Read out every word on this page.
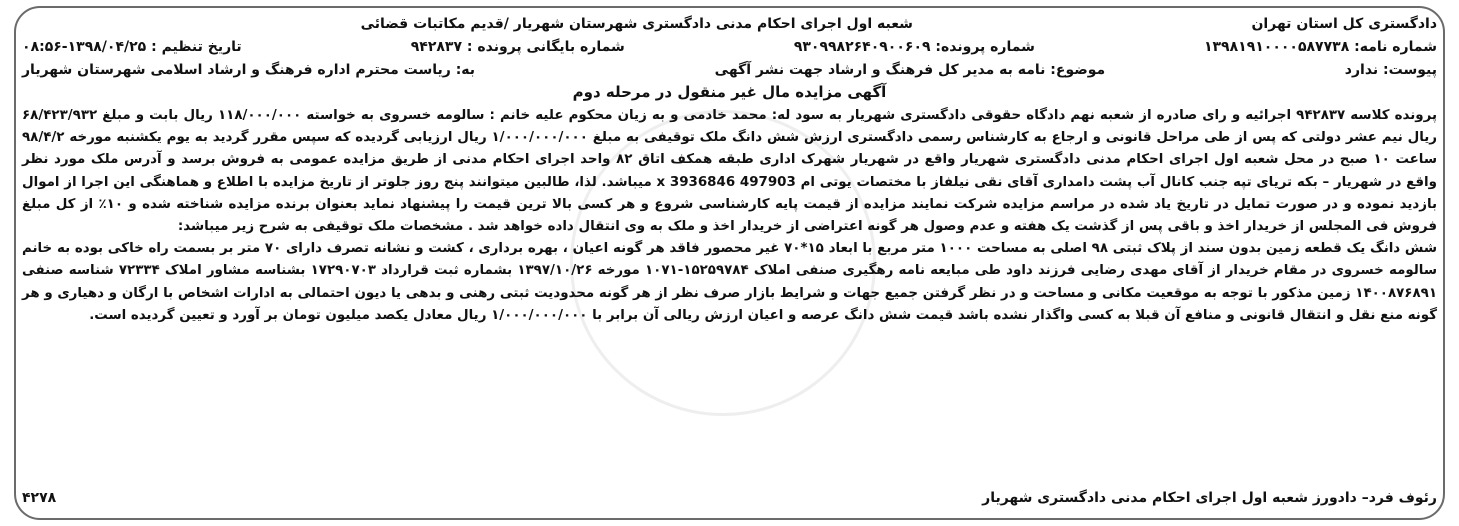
دادگستری کل استان تهران
شعبه اول اجرای احکام مدنی دادگستری شهرستان شهریار /قدیم مکاتبات قضائی
شماره نامه: ۱۳۹۸۱۹۱۰۰۰۰۵۸۷۷۳۸
شماره پرونده: ۹۳۰۹۹۸۲۶۴۰۹۰۰۶۰۹
شماره بایگانی پرونده : ۹۴۲۸۳۷
تاریخ تنظیم : ۰۸:۵۶-۱۳۹۸/۰۴/۲۵
پیوست: ندارد
موضوع: نامه به مدیر کل فرهنگ و ارشاد جهت نشر آگهی
به: ریاست محترم اداره فرهنگ و ارشاد اسلامی شهرستان شهریار
آگهی مزایده مال غیر منقول در مرحله دوم

پرونده کلاسه ۹۴۲۸۳۷ اجرائیه و رای صادره از شعبه نهم دادگاه حقوقی دادگستری شهریار به سود له: محمد خادمی و به زیان محکوم علیه خانم : سالومه خسروی به خواسته ۱۱۸/۰۰۰/۰۰۰ ریال بابت و مبلغ ۶۸/۴۲۳/۹۳۲ ریال نیم عشر دولتی که پس از طی مراحل قانونی و ارجاع به کارشناس رسمی دادگستری ارزش شش دانگ ملک توقیفی به مبلغ ۱/۰۰۰/۰۰۰/۰۰۰ ریال ارزیابی گردیده که سپس مقرر گردید به یوم یکشنبه مورخه ۹۸/۴/۲ ساعت ۱۰ صبح در محل شعبه اول اجرای احکام مدنی دادگستری شهریار واقع در شهریار شهرک اداری طبقه همکف اتاق ۸۲ واحد اجرای احکام مدنی از طریق مزایده عمومی به فروش برسد و آدرس ملک مورد نظر واقع در شهریار – بکه تریای تپه جنب کانال آب پشت دامداری آقای نقی نیلفاز با مختصات یوتی ام 497903 x 3936846 میباشد. لذا، طالبین میتوانند پنج روز جلوتر از تاریخ مزایده با اطلاع و هماهنگی این اجرا از اموال بازدید نموده و در صورت تمایل در تاریخ یاد شده در مراسم مزایده شرکت نمایند مزایده از قیمت پایه کارشناسی شروع و هر کسی بالا ترین قیمت را پیشنهاد نماید بعنوان برنده مزایده شناخته شده و ۱۰٪ از کل مبلغ فروش فی المجلس از خریدار اخذ و باقی پس از گذشت یک هفته و عدم وصول هر گونه اعتراضی از خریدار اخذ و ملک به وی انتقال داده خواهد شد . مشخصات ملک توقیفی به شرح زیر میباشد:

شش دانگ یک قطعه زمین بدون سند از پلاک ثبتی ۹۸ اصلی به مساحت ۱۰۰۰ متر مربع با ابعاد ۱۵*۷۰ غیر محصور فاقد هر گونه اعیان ، بهره برداری ، کشت و نشانه تصرف دارای ۷۰ متر بر بسمت راه خاکی بوده به خانم سالومه خسروی در مقام خریدار از آقای مهدی رضایی فرزند داود طی مبایعه نامه رهگیری صنفی املاک ۱۵۲۵۹۷۸۴-۱۰۷۱ مورخه ۱۳۹۷/۱۰/۲۶ بشماره ثبت قرارداد ۱۷۲۹۰۷۰۳ بشناسه مشاور املاک ۷۲۳۳۴ شناسه صنفی ۱۴۰۰۸۷۶۸۹۱ زمین مذکور با توجه به موقعیت مکانی و مساحت و در نظر گرفتن جمیع جهات و شرایط بازار صرف نظر از هر گونه محدودیت ثبتی رهنی و بدهی یا دیون احتمالی به ادارات اشخاص با ارگان و دهیاری و هر گونه منع نقل و انتقال قانونی و منافع آن قبلا به کسی واگذار نشده باشد قیمت شش دانگ عرصه و اعیان ارزش ریالی آن برابر با ۱/۰۰۰/۰۰۰/۰۰۰ ریال معادل یکصد میلیون تومان بر آورد و تعیین گردیده است.

رئوف فرد– دادورز شعبه اول اجرای احکام مدنی دادگستری شهریار
۴۲۷۸
